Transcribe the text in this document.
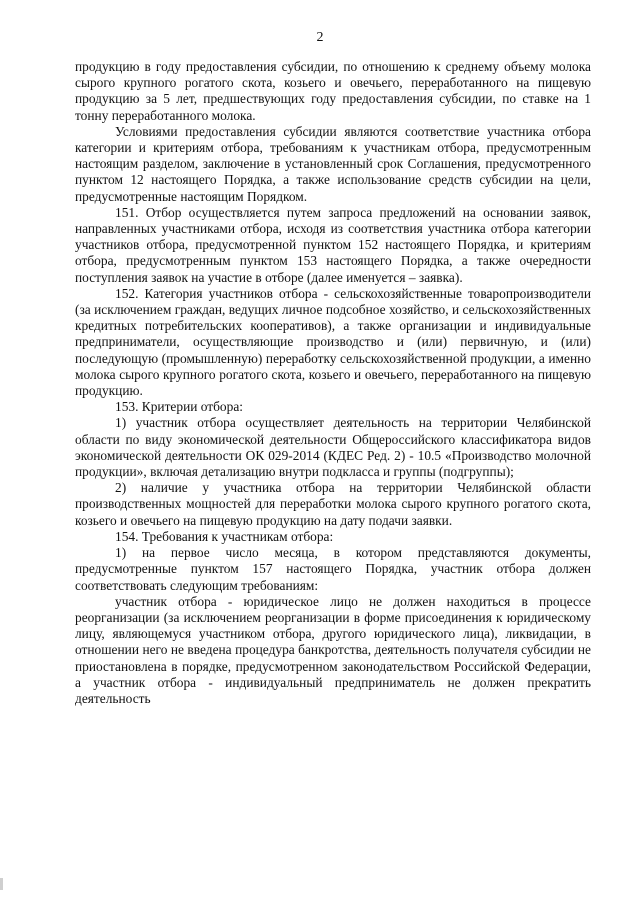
2

продукцию в году предоставления субсидии, по отношению к среднему объему молока сырого крупного рогатого скота, козьего и овечьего, переработанного на пищевую продукцию за 5 лет, предшествующих году предоставления субсидии, по ставке на 1 тонну переработанного молока.

Условиями предоставления субсидии являются соответствие участника отбора категории и критериям отбора, требованиям к участникам отбора, предусмотренным настоящим разделом, заключение в установленный срок Соглашения, предусмотренного пунктом 12 настоящего Порядка, а также использование средств субсидии на цели, предусмотренные настоящим Порядком.

151. Отбор осуществляется путем запроса предложений на основании заявок, направленных участниками отбора, исходя из соответствия участника отбора категории участников отбора, предусмотренной пунктом 152 настоящего Порядка, и критериям отбора, предусмотренным пунктом 153 настоящего Порядка, а также очередности поступления заявок на участие в отборе (далее именуется – заявка).

152. Категория участников отбора - сельскохозяйственные товаропроизводители (за исключением граждан, ведущих личное подсобное хозяйство, и сельскохозяйственных кредитных потребительских кооперативов), а также организации и индивидуальные предприниматели, осуществляющие производство и (или) первичную, и (или) последующую (промышленную) переработку сельскохозяйственной продукции, а именно молока сырого крупного рогатого скота, козьего и овечьего, переработанного на пищевую продукцию.

153. Критерии отбора:

1) участник отбора осуществляет деятельность на территории Челябинской области по виду экономической деятельности Общероссийского классификатора видов экономической деятельности ОК 029-2014 (КДЕС Ред. 2) - 10.5 «Производство молочной продукции», включая детализацию внутри подкласса и группы (подгруппы);

2) наличие у участника отбора на территории Челябинской области производственных мощностей для переработки молока сырого крупного рогатого скота, козьего и овечьего на пищевую продукцию на дату подачи заявки.

154. Требования к участникам отбора:

1) на первое число месяца, в котором представляются документы, предусмотренные пунктом 157 настоящего Порядка, участник отбора должен соответствовать следующим требованиям:

участник отбора - юридическое лицо не должен находиться в процессе реорганизации (за исключением реорганизации в форме присоединения к юридическому лицу, являющемуся участником отбора, другого юридического лица), ликвидации, в отношении него не введена процедура банкротства, деятельность получателя субсидии не приостановлена в порядке, предусмотренном законодательством Российской Федерации, а участник отбора - индивидуальный предприниматель не должен прекратить деятельность
